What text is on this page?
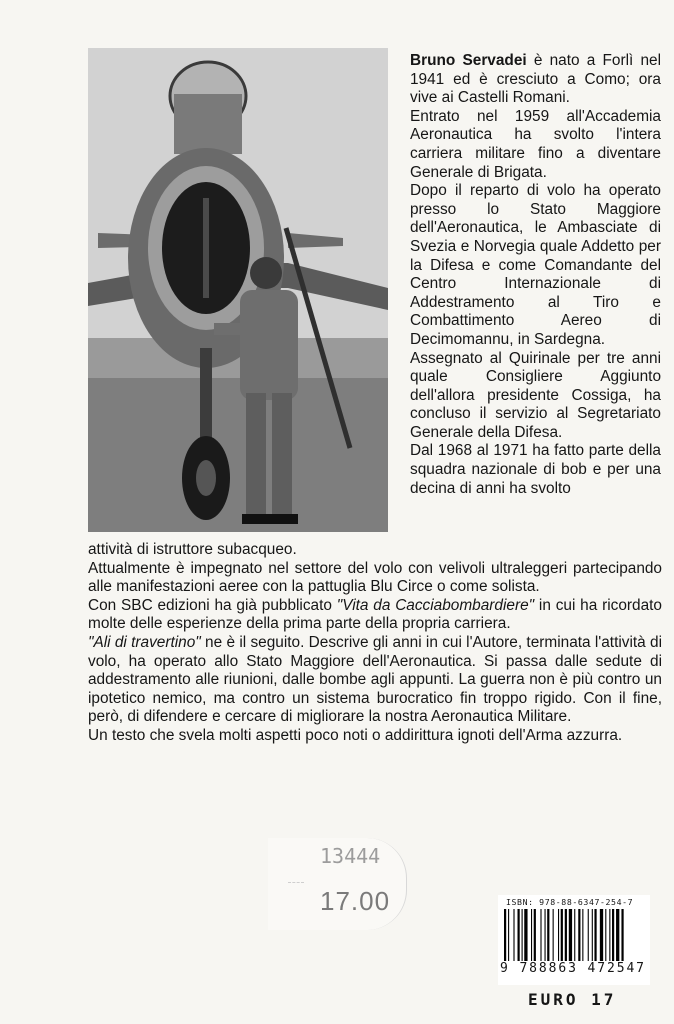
Bruno Servadei è nato a Forlì nel 1941 ed è cresciuto a Como; ora vive ai Castelli Romani.

Entrato nel 1959 all'Accademia Aeronautica ha svolto l'intera carriera militare fino a diventare Generale di Brigata.

Dopo il reparto di volo ha operato presso lo Stato Maggiore dell'Aeronautica, le Ambasciate di Svezia e Norvegia quale Addetto per la Difesa e come Comandante del Centro Internazionale di Addestramento al Tiro e Combattimento Aereo di Decimomannu, in Sardegna.

Assegnato al Quirinale per tre anni quale Consigliere Aggiunto dell'allora presidente Cossiga, ha concluso il servizio al Segretariato Generale della Difesa.

Dal 1968 al 1971 ha fatto parte della squadra nazionale di bob e per una decina di anni ha svolto

attività di istruttore subacqueo.

Attualmente è impegnato nel settore del volo con velivoli ultraleggeri partecipando alle manifestazioni aeree con la pattuglia Blu Circe o come solista.

Con SBC edizioni ha già pubblicato "Vita da Cacciabombardiere" in cui ha ricordato molte delle esperienze della prima parte della propria carriera.

"Ali di travertino" ne è il seguito. Descrive gli anni in cui l'Autore, terminata l'attività di volo, ha operato allo Stato Maggiore dell'Aeronautica. Si passa dalle sedute di addestramento alle riunioni, dalle bombe agli appunti. La guerra non è più contro un ipotetico nemico, ma contro un sistema burocratico fin troppo rigido. Con il fine, però, di difendere e cercare di migliorare la nostra Aeronautica Militare.

Un testo che svela molti aspetti poco noti o addirittura ignoti dell'Arma azzurra.

13444
17.00	ISBN: 978-88-6347-254-7
9 788863 472547
EURO 17
